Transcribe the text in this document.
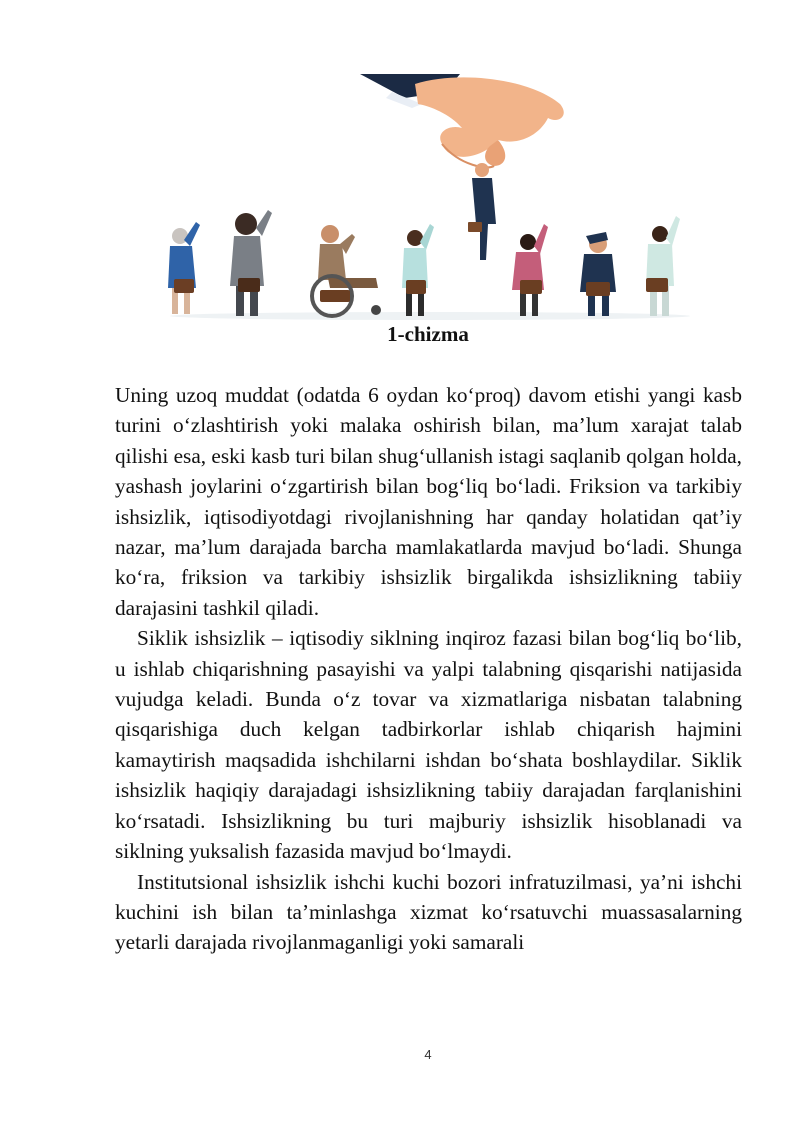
1-chizma

Uning uzoq muddat (odatda 6 oydan ko‘proq) davom etishi yangi kasb turini o‘zlashtirish yoki malaka oshirish bilan, ma’lum xarajat talab qilishi esa, eski kasb turi bilan shug‘ullanish istagi saqlanib qolgan holda, yashash joylarini o‘zgartirish bilan bog‘liq bo‘ladi. Friksion va tarkibiy ishsizlik, iqtisodiyotdagi rivojlanishning har qanday holatidan qat’iy nazar, ma’lum darajada barcha mamlakatlarda mavjud bo‘ladi. Shunga ko‘ra, friksion va tarkibiy ishsizlik birgalikda ishsizlikning tabiiy darajasini tashkil qiladi.

Siklik ishsizlik – iqtisodiy siklning inqiroz fazasi bilan bog‘liq bo‘lib, u ishlab chiqarishning pasayishi va yalpi talabning qisqarishi natijasida vujudga keladi. Bunda o‘z tovar va xizmatlariga nisbatan talabning qisqarishiga duch kelgan tadbirkorlar ishlab chiqarish hajmini kamaytirish maqsadida ishchilarni ishdan bo‘shata boshlaydilar. Siklik ishsizlik haqiqiy darajadagi ishsizlikning tabiiy darajadan farqlanishini ko‘rsatadi. Ishsizlikning bu turi majburiy ishsizlik hisoblanadi va siklning yuksalish fazasida mavjud bo‘lmaydi.

Institutsional ishsizlik ishchi kuchi bozori infratuzilmasi, ya’ni ishchi kuchini ish bilan ta’minlashga xizmat ko‘rsatuvchi muassasalarning yetarli darajada rivojlanmaganligi yoki samarali

4
